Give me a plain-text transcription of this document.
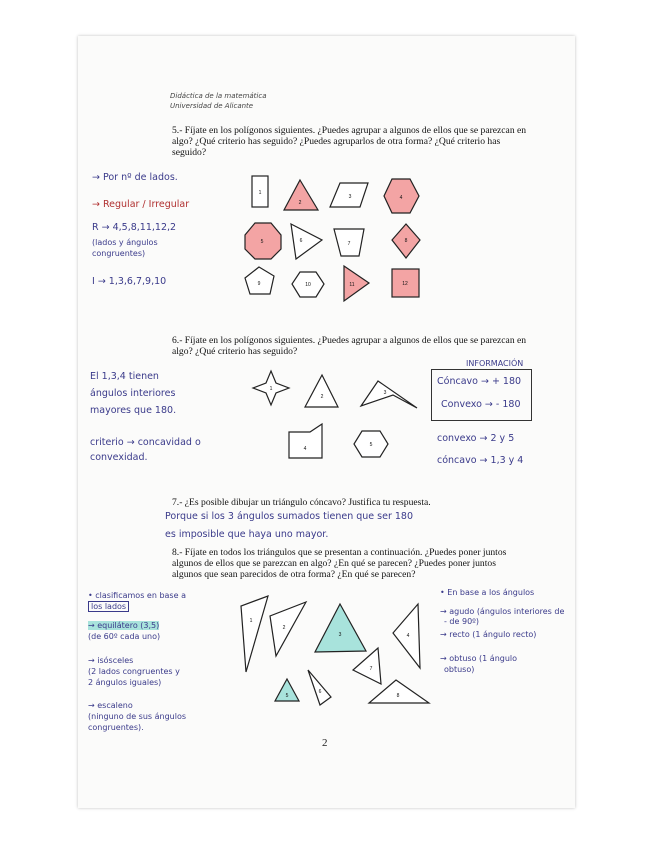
Didáctica de la matemática
Universidad de Alicante
5.- Fíjate en los polígonos siguientes. ¿Puedes agrupar a algunos de ellos que se parezcan en algo? ¿Qué criterio has seguido? ¿Puedes agruparlos de otra forma? ¿Qué criterio has seguido?
→ Por nº de lados.
→ Regular / Irregular
R → 4,5,8,11,12,2
(lados y ángulos
congruentes)
I → 1,3,6,7,9,10
6.- Fíjate en los polígonos siguientes. ¿Puedes agrupar a algunos de ellos que se parezcan en algo? ¿Qué criterio has seguido?
El 1,3,4 tienen
ángulos interiores
mayores que 180.
criterio → concavidad o
convexidad.
INFORMACIÓN
Cóncavo → + 180
Convexo → - 180
convexo → 2 y 5
cóncavo → 1,3 y 4
7.- ¿Es posible dibujar un triángulo cóncavo? Justifica tu respuesta.
Porque si los 3 ángulos sumados tienen que ser 180
es imposible que haya uno mayor.
8.- Fíjate en todos los triángulos que se presentan a continuación. ¿Puedes poner juntos algunos de ellos que se parezcan en algo? ¿En qué se parecen? ¿Puedes poner juntos algunos que sean parecidos de otra forma? ¿En qué se parecen?
• clasificamos en base a
los lados
→ equilátero (3,5)
(de 60º cada uno)
→ isósceles
(2 lados congruentes y
2 ángulos iguales)
→ escaleno
(ninguno de sus ángulos
congruentes).
• En base a los ángulos
→ agudo (ángulos interiores de
- de 90º)
→ recto (1 ángulo recto)
→ obtuso (1 ángulo
obtuso)
1
2
3	4
5	6	7	8
9	10	11	12
1
2
3
4
5
1
2
3	4
5
6
7
8
2
